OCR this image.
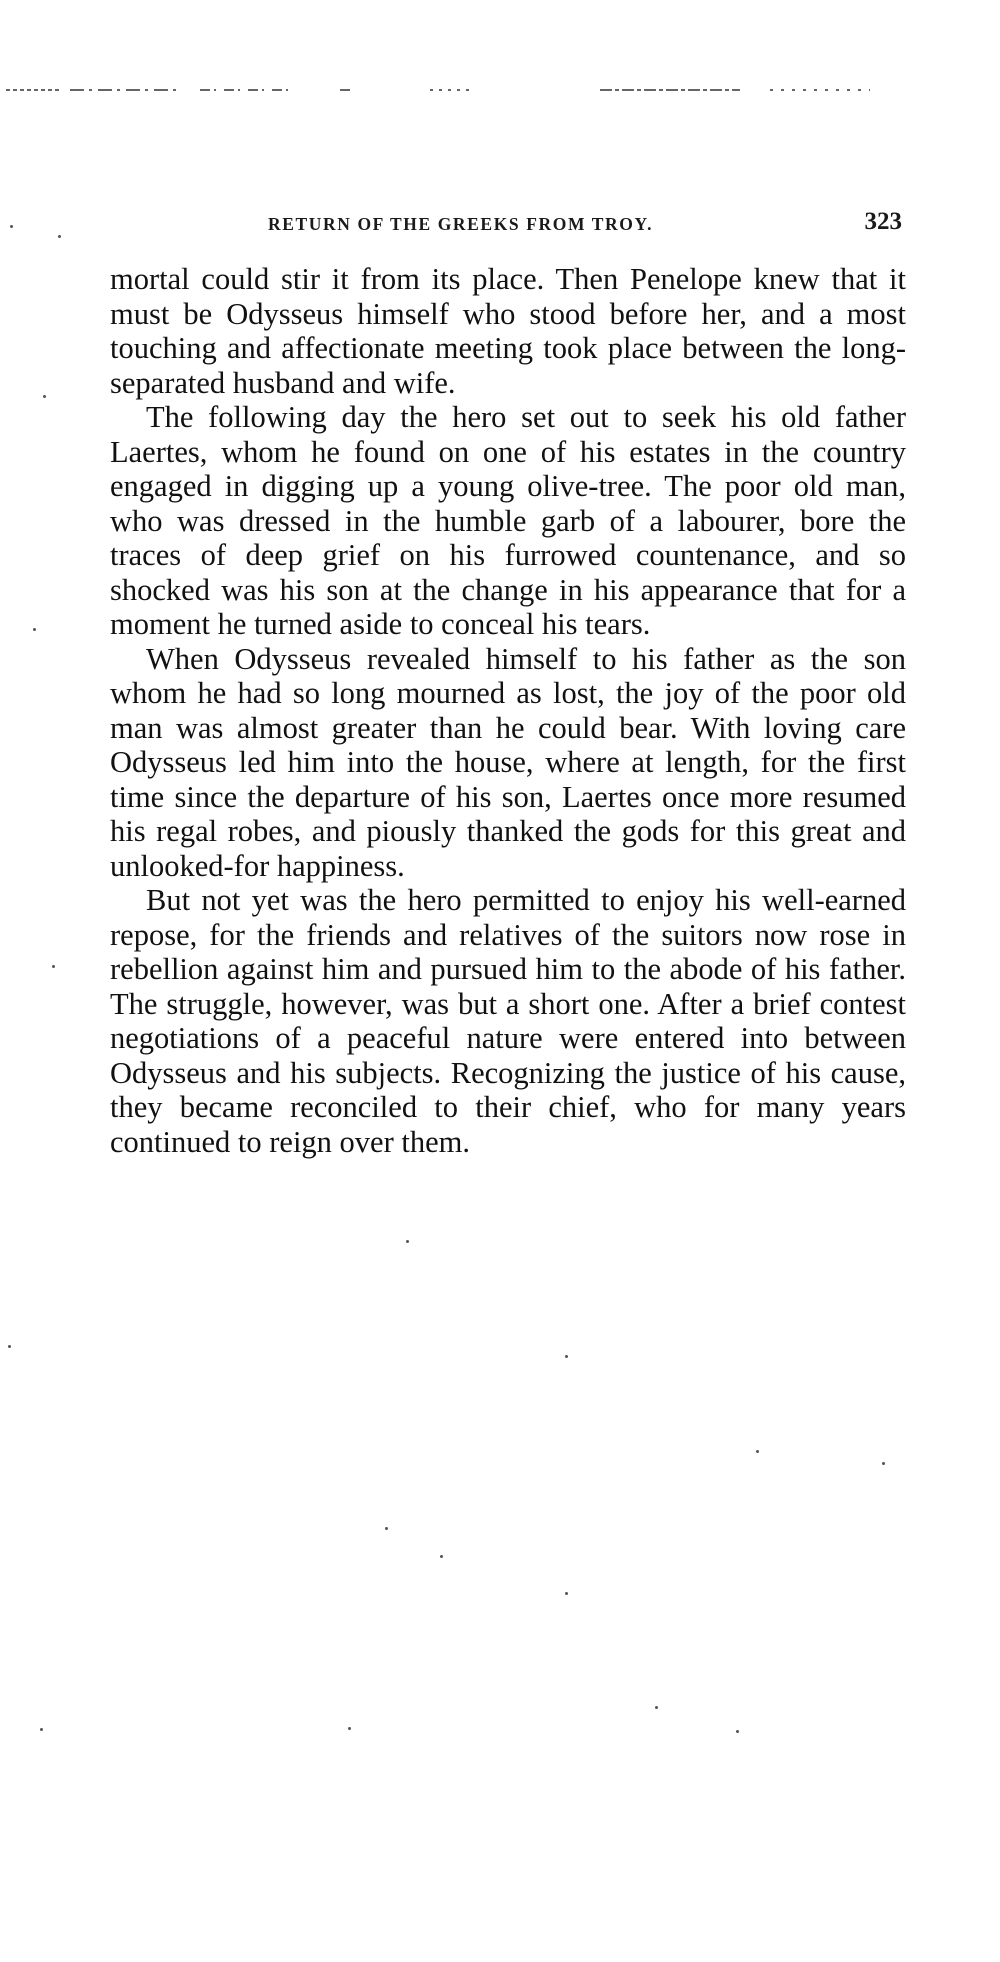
RETURN OF THE GREEKS FROM TROY.	323

mortal could stir it from its place. Then Penelope knew that it must be Odysseus himself who stood before her, and a most touching and affectionate meeting took place between the long-separated husband and wife.

The following day the hero set out to seek his old father Laertes, whom he found on one of his estates in the country engaged in digging up a young olive-tree. The poor old man, who was dressed in the humble garb of a labourer, bore the traces of deep grief on his furrowed countenance, and so shocked was his son at the change in his appearance that for a moment he turned aside to conceal his tears.

When Odysseus revealed himself to his father as the son whom he had so long mourned as lost, the joy of the poor old man was almost greater than he could bear. With loving care Odysseus led him into the house, where at length, for the first time since the departure of his son, Laertes once more resumed his regal robes, and piously thanked the gods for this great and unlooked-for happiness.

But not yet was the hero permitted to enjoy his well-earned repose, for the friends and relatives of the suitors now rose in rebellion against him and pursued him to the abode of his father. The struggle, however, was but a short one. After a brief contest negotiations of a peaceful nature were entered into between Odysseus and his subjects. Recognizing the justice of his cause, they became reconciled to their chief, who for many years continued to reign over them.
